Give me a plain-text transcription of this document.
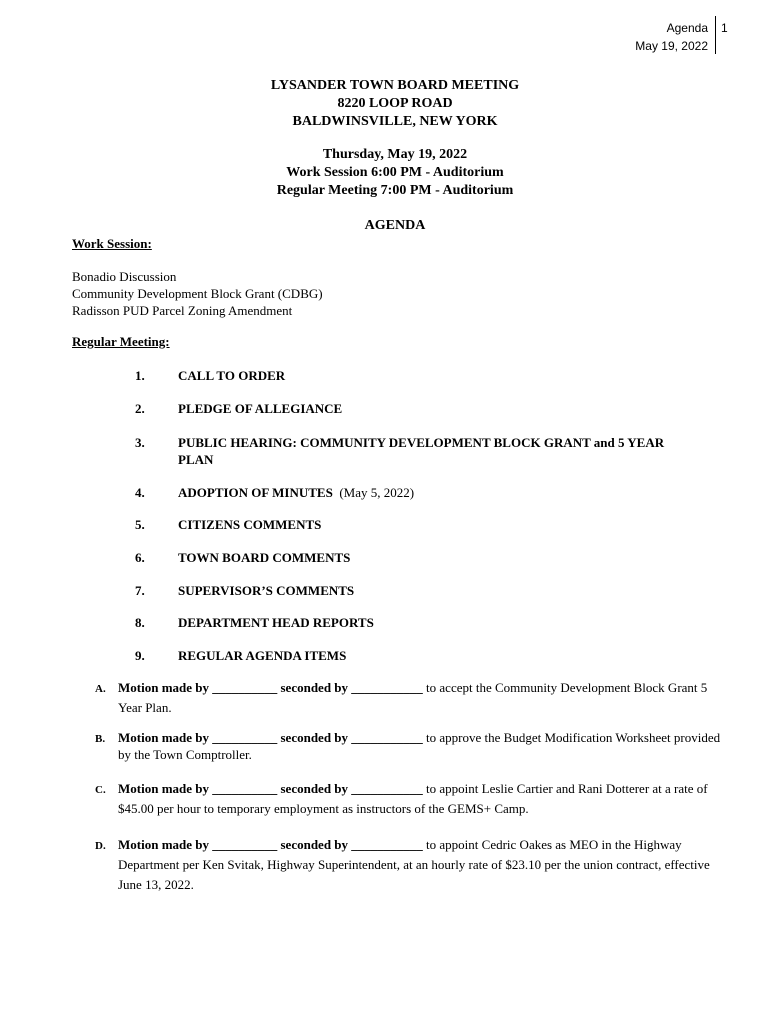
Agenda
May 19, 2022
1
LYSANDER TOWN BOARD MEETING
8220 LOOP ROAD
BALDWINSVILLE, NEW YORK
Thursday, May 19, 2022
Work Session 6:00 PM - Auditorium
Regular Meeting 7:00 PM - Auditorium
AGENDA
Work Session:
Bonadio Discussion
Community Development Block Grant (CDBG)
Radisson PUD Parcel Zoning Amendment
Regular Meeting:
1.	CALL TO ORDER
2.	PLEDGE OF ALLEGIANCE
3.	PUBLIC HEARING: COMMUNITY DEVELOPMENT BLOCK GRANT and 5 YEAR
PLAN
4.	ADOPTION OF MINUTES (May 5, 2022)
5.	CITIZENS COMMENTS
6.	TOWN BOARD COMMENTS
7.	SUPERVISOR’S COMMENTS
8.	DEPARTMENT HEAD REPORTS
9.	REGULAR AGENDA ITEMS
A. Motion made by __________ seconded by ___________ to accept the Community Development Block Grant 5 Year Plan.
B. Motion made by __________ seconded by ___________ to approve the Budget Modification Worksheet provided by the Town Comptroller.
C. Motion made by __________ seconded by ___________ to appoint Leslie Cartier and Rani Dotterer at a rate of $45.00 per hour to temporary employment as instructors of the GEMS+ Camp.
D. Motion made by __________ seconded by ___________ to appoint Cedric Oakes as MEO in the Highway Department per Ken Svitak, Highway Superintendent, at an hourly rate of $23.10 per the union contract, effective June 13, 2022.
